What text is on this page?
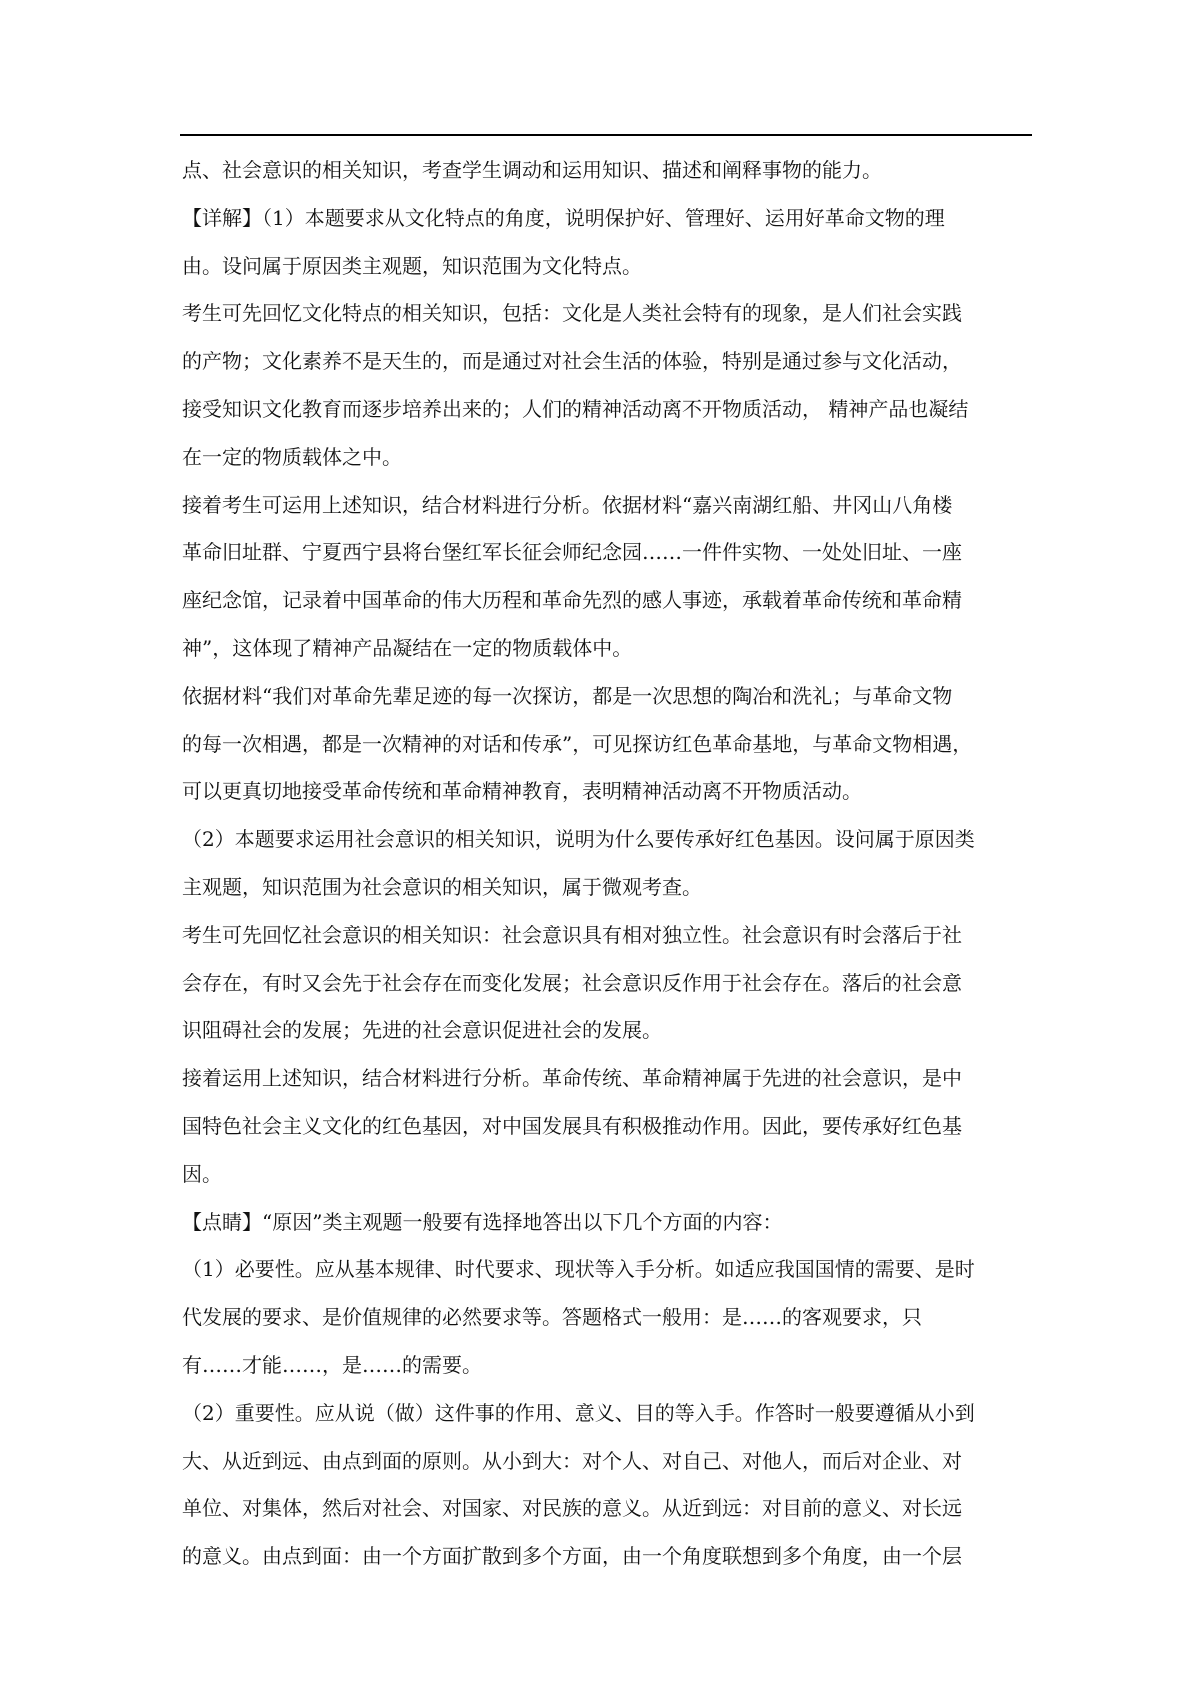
点、社会意识的相关知识，考查学生调动和运用知识、描述和阐释事物的能力。
【详解】（1）本题要求从文化特点的角度，说明保护好、管理好、运用好革命文物的理
由。设问属于原因类主观题，知识范围为文化特点。
考生可先回忆文化特点的相关知识，包括：文化是人类社会特有的现象，是人们社会实践
的产物；文化素养不是天生的，而是通过对社会生活的体验，特别是通过参与文化活动，
接受知识文化教育而逐步培养出来的；人们的精神活动离不开物质活动， 精神产品也凝结
在一定的物质载体之中。
接着考生可运用上述知识，结合材料进行分析。依据材料“嘉兴南湖红船、井冈山八角楼
革命旧址群、宁夏西宁县将台堡红军长征会师纪念园……一件件实物、一处处旧址、一座
座纪念馆，记录着中国革命的伟大历程和革命先烈的感人事迹，承载着革命传统和革命精
神”，这体现了精神产品凝结在一定的物质载体中。
依据材料“我们对革命先辈足迹的每一次探访，都是一次思想的陶冶和洗礼；与革命文物
的每一次相遇，都是一次精神的对话和传承”，可见探访红色革命基地，与革命文物相遇，
可以更真切地接受革命传统和革命精神教育，表明精神活动离不开物质活动。
（2）本题要求运用社会意识的相关知识，说明为什么要传承好红色基因。设问属于原因类
主观题，知识范围为社会意识的相关知识，属于微观考查。
考生可先回忆社会意识的相关知识：社会意识具有相对独立性。社会意识有时会落后于社
会存在，有时又会先于社会存在而变化发展；社会意识反作用于社会存在。落后的社会意
识阻碍社会的发展；先进的社会意识促进社会的发展。
接着运用上述知识，结合材料进行分析。革命传统、革命精神属于先进的社会意识，是中
国特色社会主义文化的红色基因，对中国发展具有积极推动作用。因此，要传承好红色基
因。
【点睛】“原因”类主观题一般要有选择地答出以下几个方面的内容：
（1）必要性。应从基本规律、时代要求、现状等入手分析。如适应我国国情的需要、是时
代发展的要求、是价值规律的必然要求等。答题格式一般用：是……的客观要求，只
有……才能……，是……的需要。
（2）重要性。应从说（做）这件事的作用、意义、目的等入手。作答时一般要遵循从小到
大、从近到远、由点到面的原则。从小到大：对个人、对自己、对他人，而后对企业、对
单位、对集体，然后对社会、对国家、对民族的意义。从近到远：对目前的意义、对长远
的意义。由点到面：由一个方面扩散到多个方面，由一个角度联想到多个角度，由一个层
